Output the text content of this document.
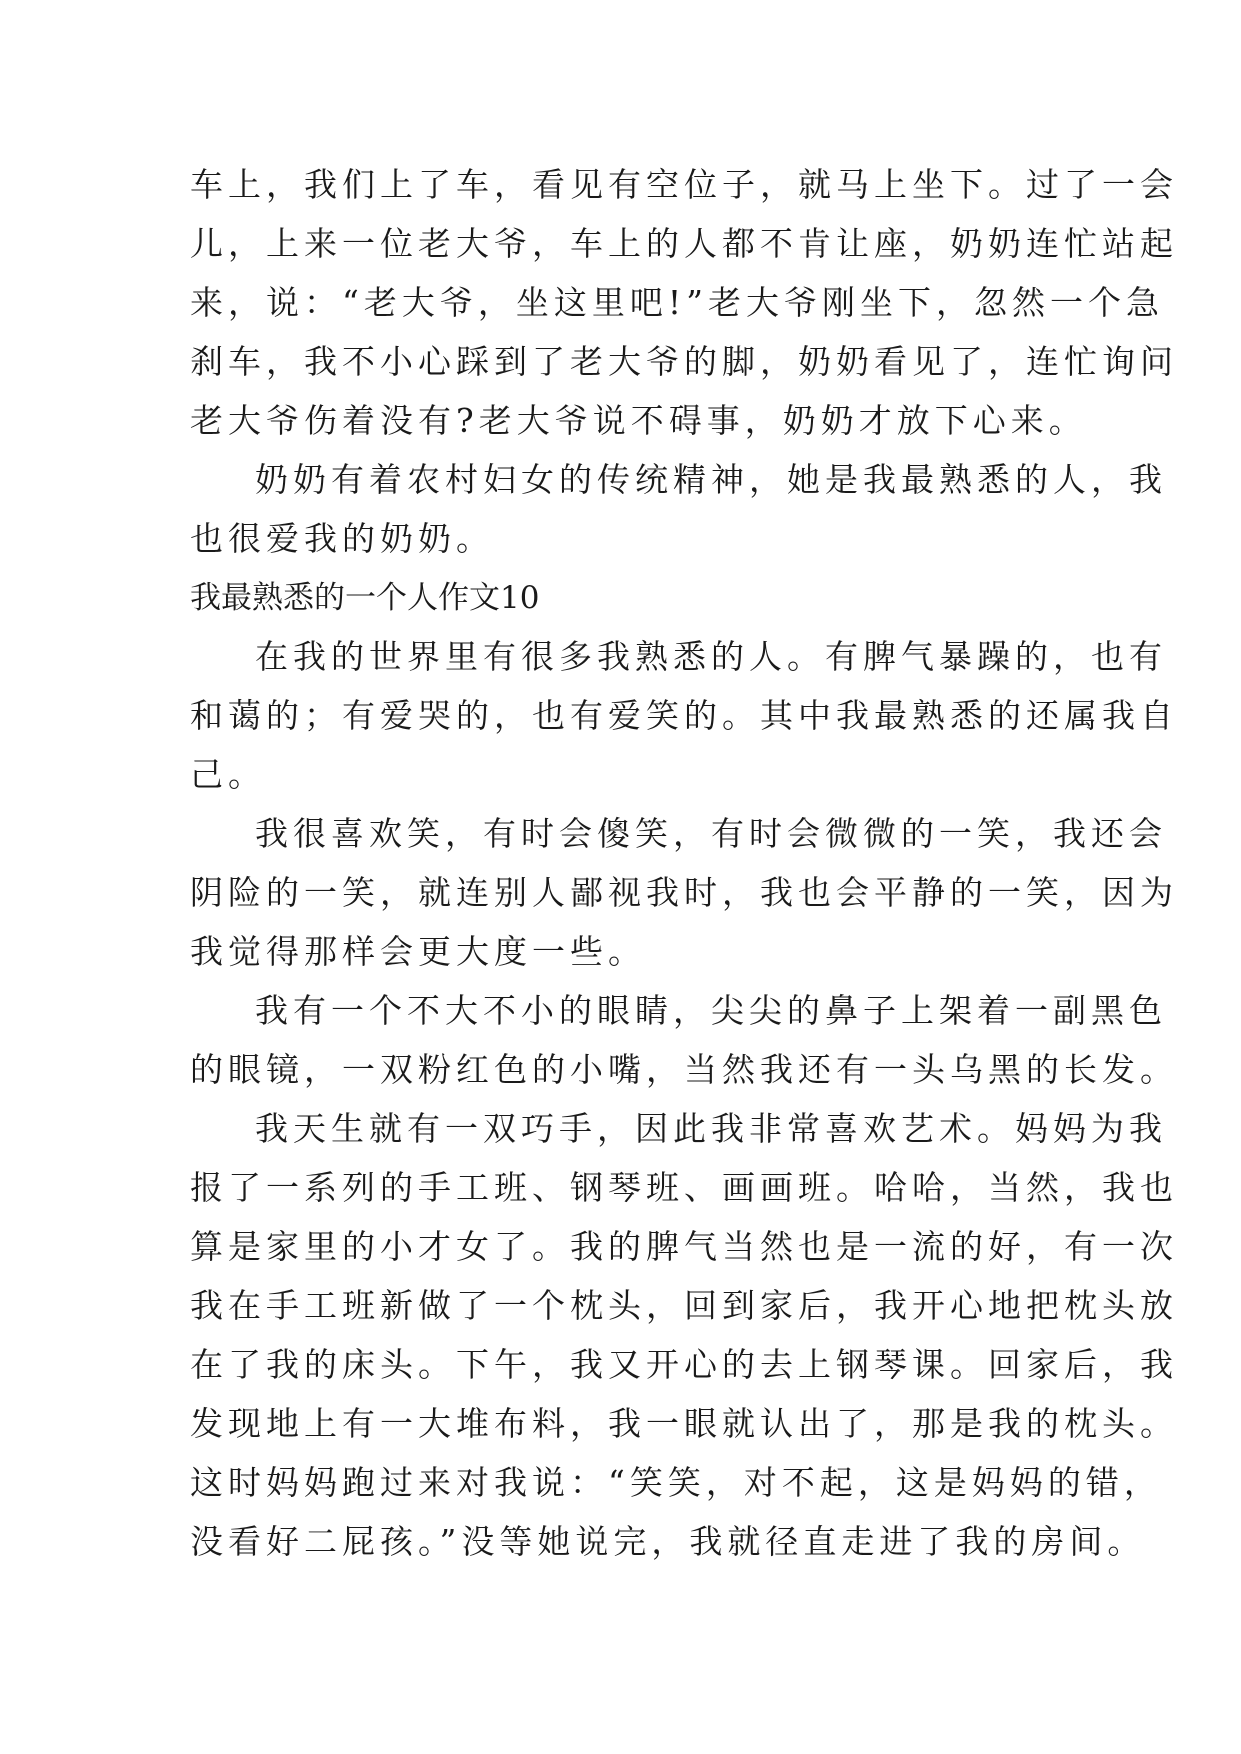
车上，我们上了车，看见有空位子，就马上坐下。过了一会
儿，上来一位老大爷，车上的人都不肯让座，奶奶连忙站起
来，说：“老大爷，坐这里吧!”老大爷刚坐下，忽然一个急
刹车，我不小心踩到了老大爷的脚，奶奶看见了，连忙询问
老大爷伤着没有?老大爷说不碍事，奶奶才放下心来。
奶奶有着农村妇女的传统精神，她是我最熟悉的人，我
也很爱我的奶奶。
我最熟悉的一个人作文10
在我的世界里有很多我熟悉的人。有脾气暴躁的，也有
和蔼的；有爱哭的，也有爱笑的。其中我最熟悉的还属我自
己。
我很喜欢笑，有时会傻笑，有时会微微的一笑，我还会
阴险的一笑，就连别人鄙视我时，我也会平静的一笑，因为
我觉得那样会更大度一些。
我有一个不大不小的眼睛，尖尖的鼻子上架着一副黑色
的眼镜，一双粉红色的小嘴，当然我还有一头乌黑的长发。
我天生就有一双巧手，因此我非常喜欢艺术。妈妈为我
报了一系列的手工班、钢琴班、画画班。哈哈，当然，我也
算是家里的小才女了。我的脾气当然也是一流的好，有一次
我在手工班新做了一个枕头，回到家后，我开心地把枕头放
在了我的床头。下午，我又开心的去上钢琴课。回家后，我
发现地上有一大堆布料，我一眼就认出了，那是我的枕头。
这时妈妈跑过来对我说：“笑笑，对不起，这是妈妈的错，
没看好二屁孩。”没等她说完，我就径直走进了我的房间。
